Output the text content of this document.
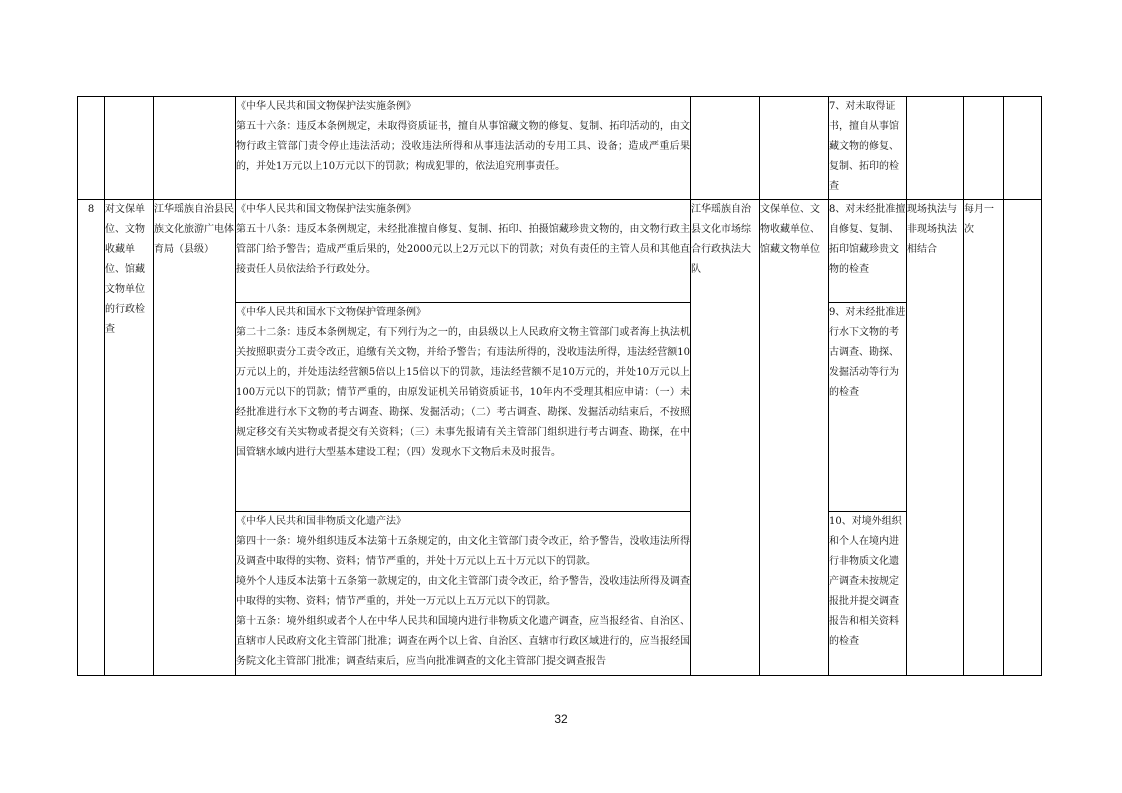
			《中华人民共和国文物保护法实施条例》

第五十六条：违反本条例规定，未取得资质证书，擅自从事馆藏文物的修复、复制、拓印活动的，由文物行政主管部门责令停止违法活动；没收违法所得和从事违法活动的专用工具、设备；造成严重后果的，并处1万元以上10万元以下的罚款；构成犯罪的，依法追究刑事责任。			7、对未取得证书，擅自从事馆藏文物的修复、复制、拓印的检查			
8	对文保单位、文物收藏单位、馆藏文物单位的行政检查	江华瑶族自治县民族文化旅游广电体育局（县级）	《中华人民共和国文物保护法实施条例》

第五十八条：违反本条例规定，未经批准擅自修复、复制、拓印、拍摄馆藏珍贵文物的，由文物行政主管部门给予警告；造成严重后果的，处2000元以上2万元以下的罚款；对负有责任的主管人员和其他直接责任人员依法给予行政处分。	江华瑶族自治县文化市场综合行政执法大队	文保单位、文物收藏单位、馆藏文物单位	8、对未经批准擅自修复、复制、拓印馆藏珍贵文物的检查	现场执法与非现场执法相结合	每月一次	

			《中华人民共和国水下文物保护管理条例》

第二十二条：违反本条例规定，有下列行为之一的，由县级以上人民政府文物主管部门或者海上执法机关按照职责分工责令改正，追缴有关文物，并给予警告；有违法所得的，没收违法所得，违法经营额10万元以上的，并处违法经营额5倍以上15倍以下的罚款，违法经营额不足10万元的，并处10万元以上100万元以下的罚款；情节严重的，由原发证机关吊销资质证书，10年内不受理其相应申请：（一）未经批准进行水下文物的考古调查、勘探、发掘活动；（二）考古调查、勘探、发掘活动结束后，不按照规定移交有关实物或者提交有关资料；（三）未事先报请有关主管部门组织进行考古调查、勘探，在中国管辖水域内进行大型基本建设工程；（四）发现水下文物后未及时报告。			9、对未经批准进行水下文物的考古调查、勘探、发掘活动等行为的检查			

			《中华人民共和国非物质文化遗产法》

第四十一条：境外组织违反本法第十五条规定的，由文化主管部门责令改正，给予警告，没收违法所得及调查中取得的实物、资料；情节严重的，并处十万元以上五十万元以下的罚款。

境外个人违反本法第十五条第一款规定的，由文化主管部门责令改正，给予警告，没收违法所得及调查中取得的实物、资料；情节严重的，并处一万元以上五万元以下的罚款。

第十五条：境外组织或者个人在中华人民共和国境内进行非物质文化遗产调查，应当报经省、自治区、直辖市人民政府文化主管部门批准；调查在两个以上省、自治区、直辖市行政区域进行的，应当报经国务院文化主管部门批准；调查结束后，应当向批准调查的文化主管部门提交调查报告			10、对境外组织和个人在境内进行非物质文化遗产调查未按规定报批并提交调查报告和相关资料的检查			
32
